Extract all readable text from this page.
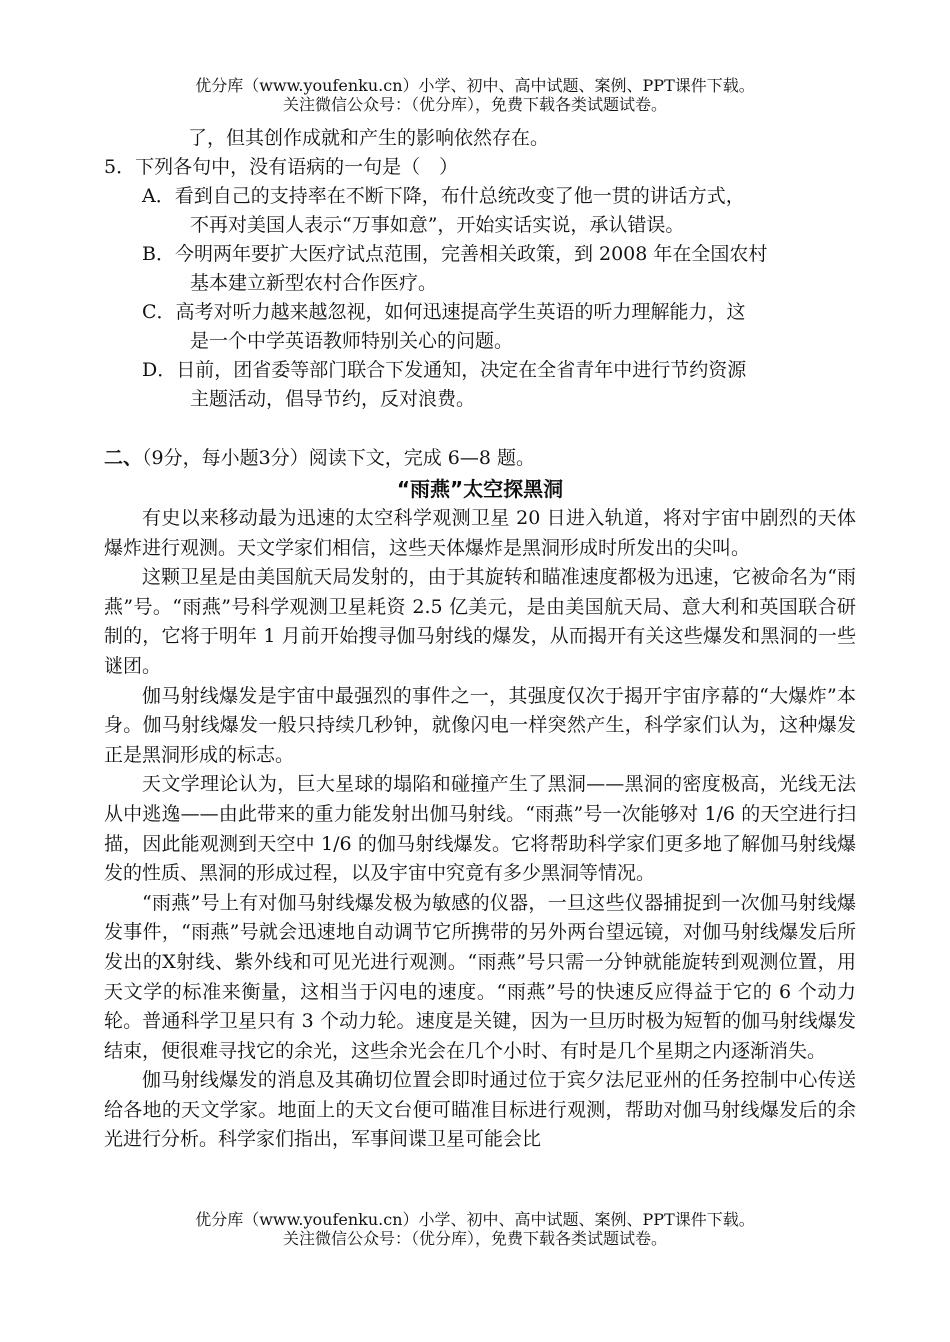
优分库（www.youfenku.cn）小学、初中、高中试题、案例、PPT课件下载。
关注微信公众号：（优分库），免费下载各类试题试卷。

了，但其创作成就和产生的影响依然存在。

5．下列各句中，没有语病的一句是（　）

A．看到自己的支持率在不断下降，布什总统改变了他一贯的讲话方式，
不再对美国人表示“万事如意”，开始实话实说，承认错误。
B．今明两年要扩大医疗试点范围，完善相关政策，到 2008 年在全国农村
基本建立新型农村合作医疗。
C．高考对听力越来越忽视，如何迅速提高学生英语的听力理解能力，这
是一个中学英语教师特别关心的问题。
D．日前，团省委等部门联合下发通知，决定在全省青年中进行节约资源
主题活动，倡导节约，反对浪费。

二、（9分，每小题3分）阅读下文，完成 6—8 题。

“雨燕”太空探黑洞

有史以来移动最为迅速的太空科学观测卫星 20 日进入轨道，将对宇宙中剧烈的天体爆炸进行观测。天文学家们相信，这些天体爆炸是黑洞形成时所发出的尖叫。

这颗卫星是由美国航天局发射的，由于其旋转和瞄准速度都极为迅速，它被命名为“雨燕”号。“雨燕”号科学观测卫星耗资 2.5 亿美元，是由美国航天局、意大利和英国联合研制的，它将于明年 1 月前开始搜寻伽马射线的爆发，从而揭开有关这些爆发和黑洞的一些谜团。

伽马射线爆发是宇宙中最强烈的事件之一，其强度仅次于揭开宇宙序幕的“大爆炸”本身。伽马射线爆发一般只持续几秒钟，就像闪电一样突然产生，科学家们认为，这种爆发正是黑洞形成的标志。

天文学理论认为，巨大星球的塌陷和碰撞产生了黑洞——黑洞的密度极高，光线无法从中逃逸——由此带来的重力能发射出伽马射线。“雨燕”号一次能够对 1/6 的天空进行扫描，因此能观测到天空中 1/6 的伽马射线爆发。它将帮助科学家们更多地了解伽马射线爆发的性质、黑洞的形成过程，以及宇宙中究竟有多少黑洞等情况。

“雨燕”号上有对伽马射线爆发极为敏感的仪器，一旦这些仪器捕捉到一次伽马射线爆发事件，“雨燕”号就会迅速地自动调节它所携带的另外两台望远镜，对伽马射线爆发后所发出的X射线、紫外线和可见光进行观测。“雨燕”号只需一分钟就能旋转到观测位置，用天文学的标准来衡量，这相当于闪电的速度。“雨燕”号的快速反应得益于它的 6 个动力轮。普通科学卫星只有 3 个动力轮。速度是关键，因为一旦历时极为短暂的伽马射线爆发结束，便很难寻找它的余光，这些余光会在几个小时、有时是几个星期之内逐渐消失。

伽马射线爆发的消息及其确切位置会即时通过位于宾夕法尼亚州的任务控制中心传送给各地的天文学家。地面上的天文台便可瞄准目标进行观测，帮助对伽马射线爆发后的余光进行分析。科学家们指出，军事间谍卫星可能会比

优分库（www.youfenku.cn）小学、初中、高中试题、案例、PPT课件下载。
关注微信公众号：（优分库），免费下载各类试题试卷。
